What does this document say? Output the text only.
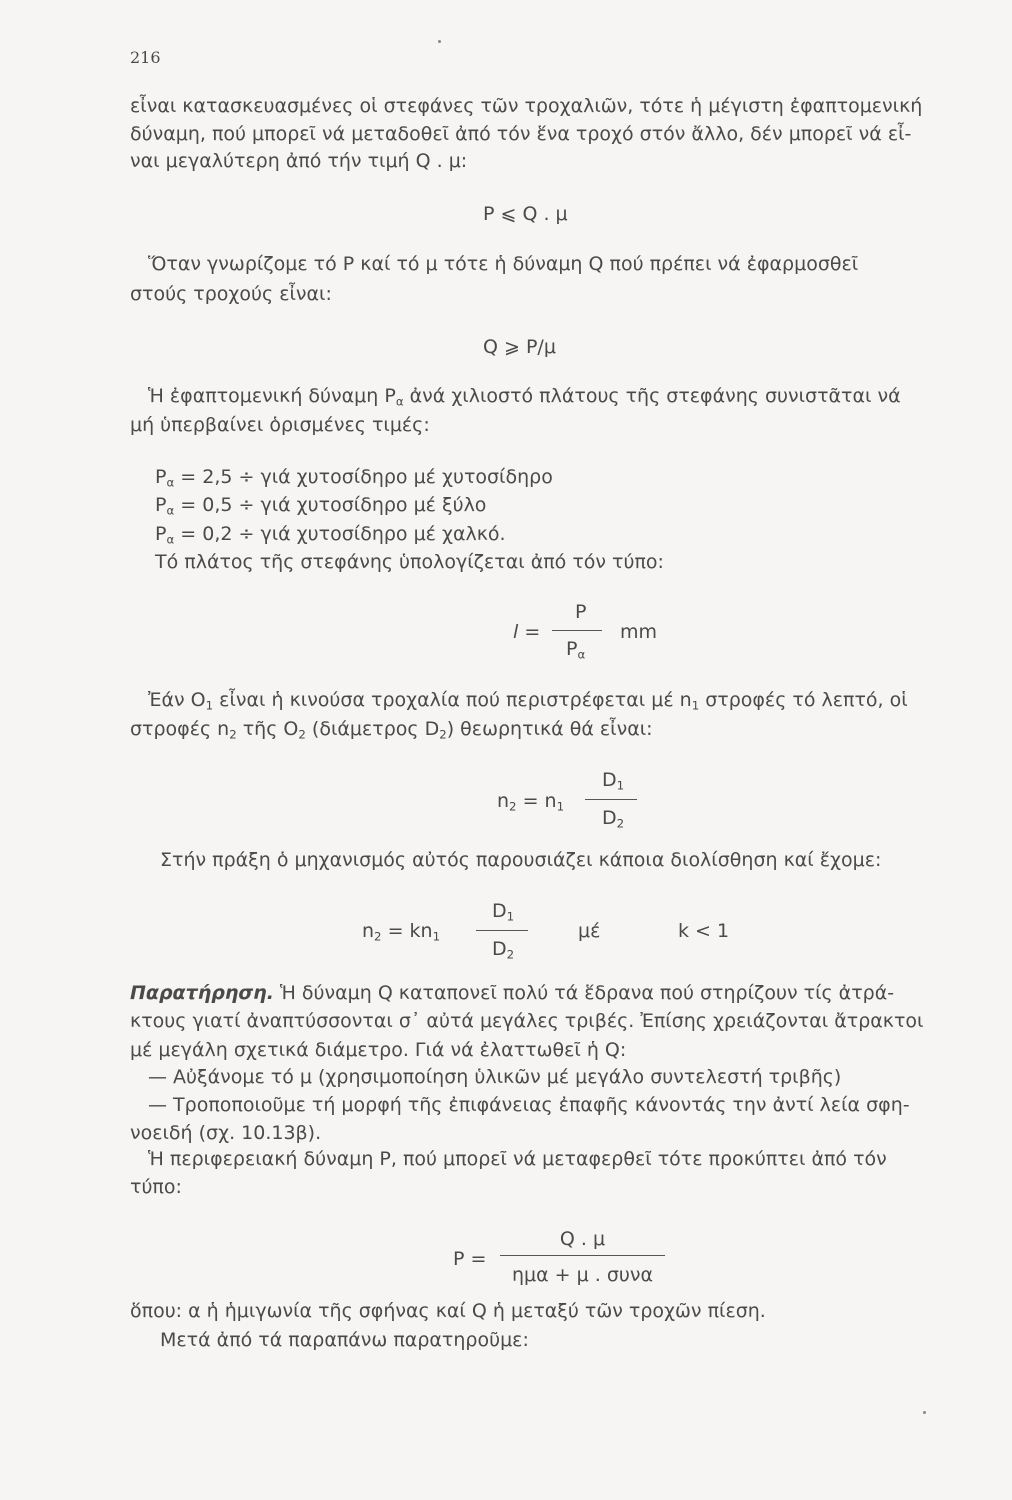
216
εἶναι κατασκευασμένες οἱ στεφάνες τῶν τροχαλιῶν, τότε ἡ μέγιστη ἐφαπτομενική
δύναμη, πού μπορεῖ νά μεταδοθεῖ ἀπό τόν ἕνα τροχό στόν ἄλλο, δέν μπορεῖ νά εἶ-
ναι μεγαλύτερη ἀπό τήν τιμή Q . μ:
P ⩽ Q . μ
Ὅταν γνωρίζομε τό P καί τό μ τότε ἡ δύναμη Q πού πρέπει νά ἐφαρμοσθεῖ
στούς τροχούς εἶναι:
Q ⩾ P/μ
Ἡ ἐφαπτομενική δύναμη $P_\alpha$ ἀνά χιλιοστό πλάτους τῆς στεφάνης συνιστᾶται νά
μή ὑπερβαίνει ὁρισμένες τιμές:
$P_\alpha = 2,5 \div \gamma\iota ά$ χυτοσίδηρο μέ χυτοσίδηρο
$P_\alpha = 0,5 \div \gamma\iota ά$ χυτοσίδηρο μέ ξύλο
$P_\alpha = 0,2 \div \gamma\iota ά$ χυτοσίδηρο μέ χαλκό.
Τό πλάτος τῆς στεφάνης ὑπολογίζεται ἀπό τόν τύπο:
l =
P
$P_\alpha$
mm
Ἐάν $O_1$ εἶναι ἡ κινούσα τροχαλία πού περιστρέφεται μέ $n_1$ στροφές τό λεπτό, οἱ
στροφές $n_2$ τῆς $O_2$ (διάμετρος $D_2$) θεωρητικά θά εἶναι:
$n_2 = n_1$
$D_1$
$D_2$
Στήν πράξη ὁ μηχανισμός αὐτός παρουσιάζει κάποια διολίσθηση καί ἔχομε:
$n_2 = kn_1$
$D_1$
$D_2$
μέ	k < 1
Παρατήρηση. Ἡ δύναμη Q καταπονεῖ πολύ τά ἕδρανα πού στηρίζουν τίς ἀτρά-
κτους γιατί ἀναπτύσσονται σ᾽ αὐτά μεγάλες τριβές. Ἐπίσης χρειάζονται ἄτρακτοι
μέ μεγάλη σχετικά διάμετρο. Γιά νά ἐλαττωθεῖ ἡ Q:
— Αὐξάνομε τό μ (χρησιμοποίηση ὑλικῶν μέ μεγάλο συντελεστή τριβῆς)
— Τροποποιοῦμε τή μορφή τῆς ἐπιφάνειας ἐπαφῆς κάνοντάς την ἀντί λεία σφη-
νοειδή (σχ. 10.13β).
Ἡ περιφερειακή δύναμη P, πού μπορεῖ νά μεταφερθεῖ τότε προκύπτει ἀπό τόν
τύπο:
P =
Q . μ
ημα + μ . συνα
ὅπου: α ἡ ἡμιγωνία τῆς σφήνας καί Q ἡ μεταξύ τῶν τροχῶν πίεση.
Μετά ἀπό τά παραπάνω παρατηροῦμε:
